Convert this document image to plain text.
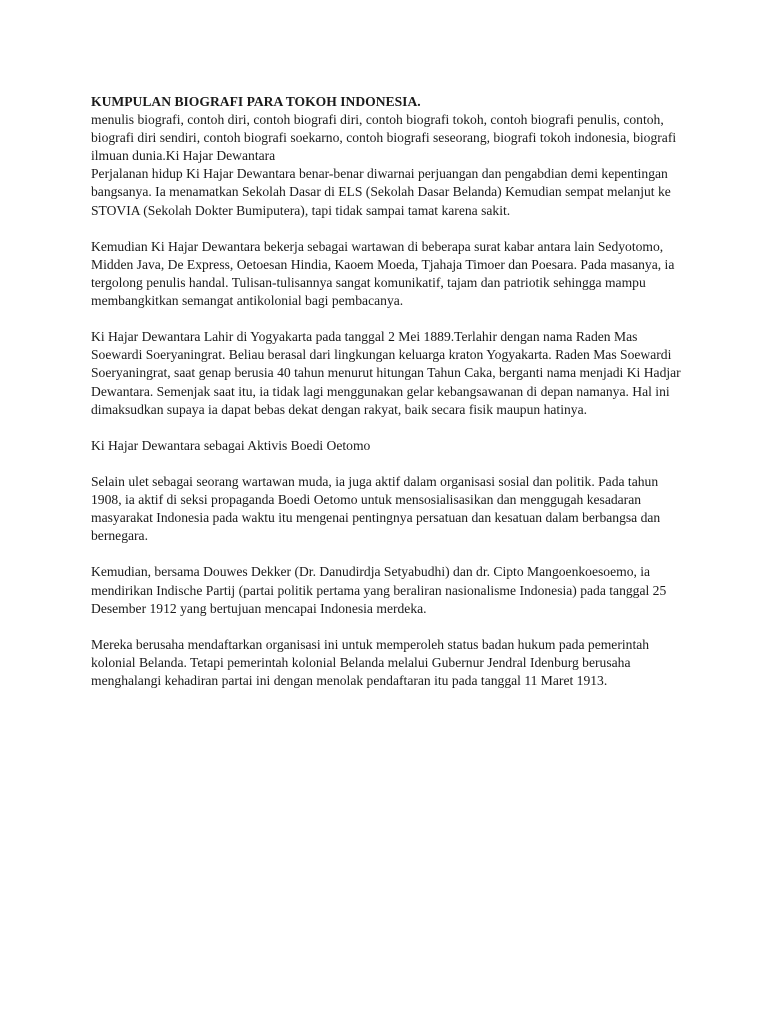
KUMPULAN BIOGRAFI PARA TOKOH INDONESIA.

menulis biografi, contoh diri, contoh biografi diri, contoh biografi tokoh, contoh biografi penulis, contoh, biografi diri sendiri, contoh biografi soekarno, contoh biografi seseorang, biografi tokoh indonesia, biografi ilmuan dunia.Ki Hajar Dewantara

Perjalanan hidup Ki Hajar Dewantara benar-benar diwarnai perjuangan dan pengabdian demi kepentingan bangsanya. Ia menamatkan Sekolah Dasar di ELS (Sekolah Dasar Belanda) Kemudian sempat melanjut ke STOVIA (Sekolah Dokter Bumiputera), tapi tidak sampai tamat karena sakit.

Kemudian Ki Hajar Dewantara bekerja sebagai wartawan di beberapa surat kabar antara lain Sedyotomo, Midden Java, De Express, Oetoesan Hindia, Kaoem Moeda, Tjahaja Timoer dan Poesara. Pada masanya, ia tergolong penulis handal. Tulisan-tulisannya sangat komunikatif, tajam dan patriotik sehingga mampu membangkitkan semangat antikolonial bagi pembacanya.

Ki Hajar Dewantara Lahir di Yogyakarta pada tanggal 2 Mei 1889.Terlahir dengan nama Raden Mas Soewardi Soeryaningrat. Beliau berasal dari lingkungan keluarga kraton Yogyakarta. Raden Mas Soewardi Soeryaningrat, saat genap berusia 40 tahun menurut hitungan Tahun Caka, berganti nama menjadi Ki Hadjar Dewantara. Semenjak saat itu, ia tidak lagi menggunakan gelar kebangsawanan di depan namanya. Hal ini dimaksudkan supaya ia dapat bebas dekat dengan rakyat, baik secara fisik maupun hatinya.

Ki Hajar Dewantara sebagai Aktivis Boedi Oetomo

Selain ulet sebagai seorang wartawan muda, ia juga aktif dalam organisasi sosial dan politik. Pada tahun 1908, ia aktif di seksi propaganda Boedi Oetomo untuk mensosialisasikan dan menggugah kesadaran masyarakat Indonesia pada waktu itu mengenai pentingnya persatuan dan kesatuan dalam berbangsa dan bernegara.

Kemudian, bersama Douwes Dekker (Dr. Danudirdja Setyabudhi) dan dr. Cipto Mangoenkoesoemo, ia mendirikan Indische Partij (partai politik pertama yang beraliran nasionalisme Indonesia) pada tanggal 25 Desember 1912 yang bertujuan mencapai Indonesia merdeka.

Mereka berusaha mendaftarkan organisasi ini untuk memperoleh status badan hukum pada pemerintah kolonial Belanda. Tetapi pemerintah kolonial Belanda melalui Gubernur Jendral Idenburg berusaha menghalangi kehadiran partai ini dengan menolak pendaftaran itu pada tanggal 11 Maret 1913.
